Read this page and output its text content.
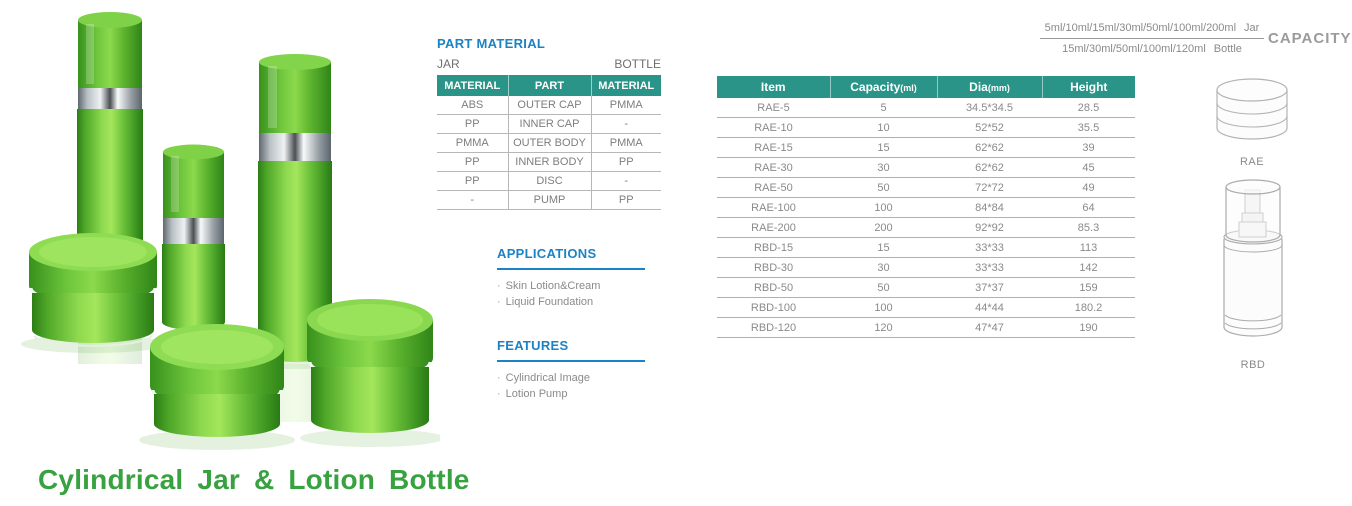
Cylindrical Jar & Lotion Bottle
PART MATERIAL
JAR	BOTTLE
MATERIAL	PART	MATERIAL
ABS	OUTER CAP	PMMA
PP	INNER CAP	-
PMMA	OUTER BODY	PMMA
PP	INNER BODY	PP
PP	DISC	-
-	PUMP	PP
APPLICATIONS
· Skin Lotion&Cream
· Liquid Foundation
FEATURES
· Cylindrical Image
· Lotion Pump
5ml/10ml/15ml/30ml/50ml/100ml/200ml Jar
15ml/30ml/50ml/100ml/120ml Bottle
CAPACITY
Item	Capacity(ml)	Dia(mm)	Height
RAE-5	5	34.5*34.5	28.5
RAE-10	10	52*52	35.5
RAE-15	15	62*62	39
RAE-30	30	62*62	45
RAE-50	50	72*72	49
RAE-100	100	84*84	64
RAE-200	200	92*92	85.3
RBD-15	15	33*33	113
RBD-30	30	33*33	142
RBD-50	50	37*37	159
RBD-100	100	44*44	180.2
RBD-120	120	47*47	190
RAE
RBD
